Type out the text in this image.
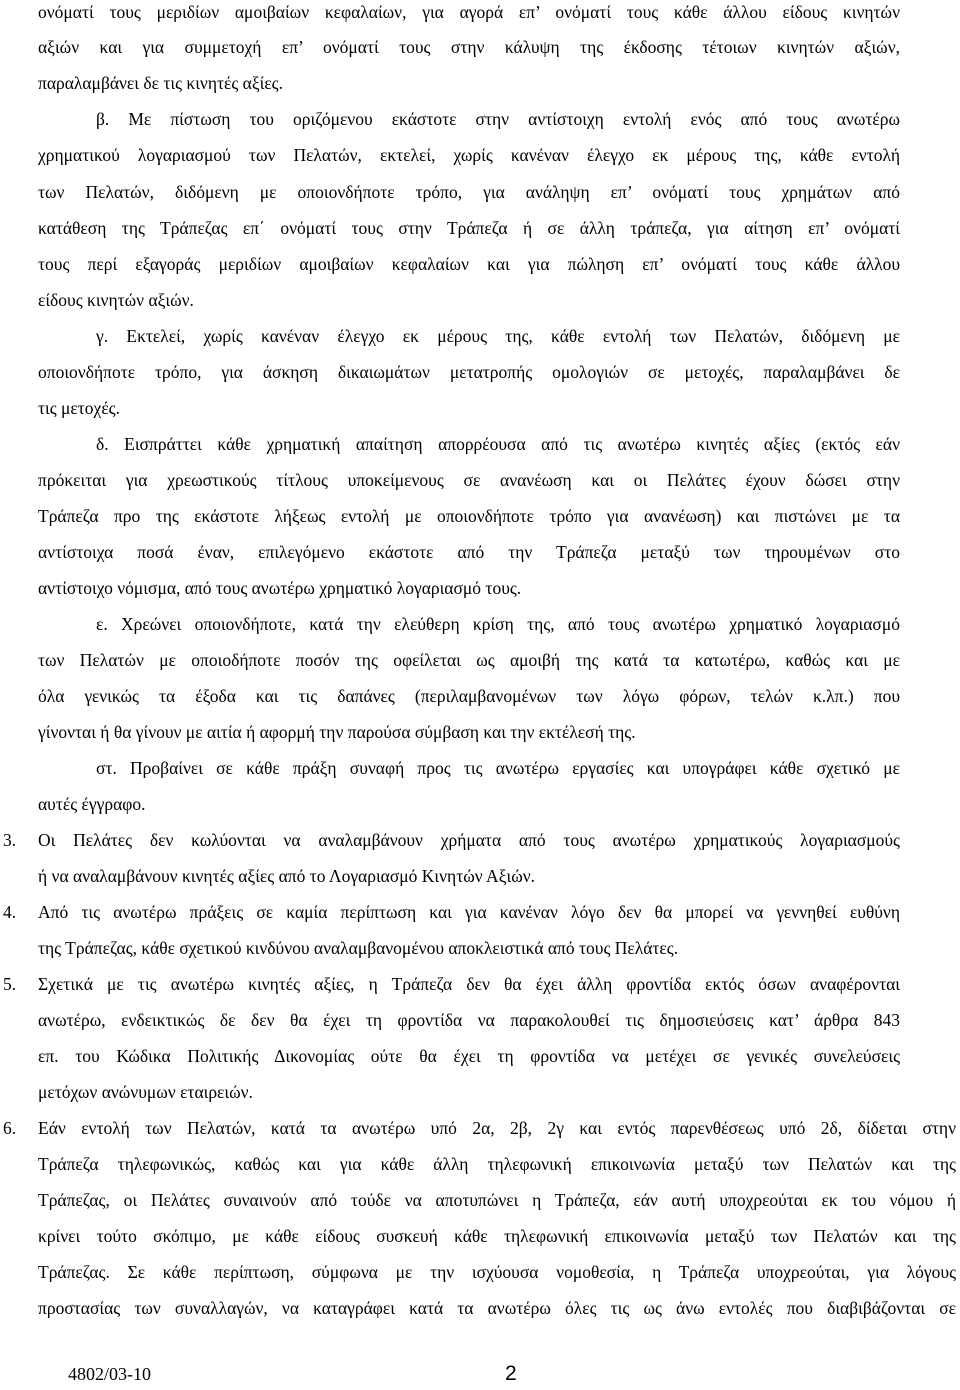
ονόματί τους μεριδίων αμοιβαίων κεφαλαίων, για αγορά επ’ ονόματί τους κάθε άλλου είδους κινητών
αξιών και για συμμετοχή επ’ ονόματί τους στην κάλυψη της έκδοσης τέτοιων κινητών αξιών,
παραλαμβάνει δε τις κινητές αξίες.
β. Με πίστωση του οριζόμενου εκάστοτε στην αντίστοιχη εντολή ενός από τους ανωτέρω
χρηματικού λογαριασμού των Πελατών, εκτελεί, χωρίς κανέναν έλεγχο εκ μέρους της, κάθε εντολή
των Πελατών, διδόμενη με οποιονδήποτε τρόπο, για ανάληψη επ’ ονόματί τους χρημάτων από
κατάθεση της Τράπεζας επ΄ ονόματί τους στην Τράπεζα ή σε άλλη τράπεζα, για αίτηση επ’ ονόματί
τους περί εξαγοράς μεριδίων αμοιβαίων κεφαλαίων και για πώληση επ’ ονόματί τους κάθε άλλου
είδους κινητών αξιών.
γ. Εκτελεί, χωρίς κανέναν έλεγχο εκ μέρους της, κάθε εντολή των Πελατών, διδόμενη με
οποιονδήποτε τρόπο, για άσκηση δικαιωμάτων μετατροπής ομολογιών σε μετοχές, παραλαμβάνει δε
τις μετοχές.
δ. Εισπράττει κάθε χρηματική απαίτηση απορρέουσα από τις ανωτέρω κινητές αξίες (εκτός εάν
πρόκειται για χρεωστικούς τίτλους υποκείμενους σε ανανέωση και οι Πελάτες έχουν δώσει στην
Τράπεζα προ της εκάστοτε λήξεως εντολή με οποιονδήποτε τρόπο για ανανέωση) και πιστώνει με τα
αντίστοιχα ποσά έναν, επιλεγόμενο εκάστοτε από την Τράπεζα μεταξύ των τηρουμένων στο
αντίστοιχο νόμισμα, από τους ανωτέρω χρηματικό λογαριασμό τους.
ε. Χρεώνει οποιονδήποτε, κατά την ελεύθερη κρίση της, από τους ανωτέρω χρηματικό λογαριασμό
των Πελατών με οποιοδήποτε ποσόν της οφείλεται ως αμοιβή της κατά τα κατωτέρω, καθώς και με
όλα γενικώς τα έξοδα και τις δαπάνες (περιλαμβανομένων των λόγω φόρων, τελών κ.λπ.) που
γίνονται ή θα γίνουν με αιτία ή αφορμή την παρούσα σύμβαση και την εκτέλεσή της.
στ. Προβαίνει σε κάθε πράξη συναφή προς τις ανωτέρω εργασίες και υπογράφει κάθε σχετικό με
αυτές έγγραφο.
3. Οι Πελάτες δεν κωλύονται να αναλαμβάνουν χρήματα από τους ανωτέρω χρηματικούς λογαριασμούς
ή να αναλαμβάνουν κινητές αξίες από το Λογαριασμό Κινητών Αξιών.
4. Από τις ανωτέρω πράξεις σε καμία περίπτωση και για κανέναν λόγο δεν θα μπορεί να γεννηθεί ευθύνη
της Τράπεζας, κάθε σχετικού κινδύνου αναλαμβανομένου αποκλειστικά από τους Πελάτες.
5. Σχετικά με τις ανωτέρω κινητές αξίες, η Τράπεζα δεν θα έχει άλλη φροντίδα εκτός όσων αναφέρονται
ανωτέρω, ενδεικτικώς δε δεν θα έχει τη φροντίδα να παρακολουθεί τις δημοσιεύσεις κατ’ άρθρα 843
επ. του Κώδικα Πολιτικής Δικονομίας ούτε θα έχει τη φροντίδα να μετέχει σε γενικές συνελεύσεις
μετόχων ανώνυμων εταιρειών.
6. Εάν εντολή των Πελατών, κατά τα ανωτέρω υπό 2α, 2β, 2γ και εντός παρενθέσεως υπό 2δ, δίδεται στην
Τράπεζα τηλεφωνικώς, καθώς και για κάθε άλλη τηλεφωνική επικοινωνία μεταξύ των Πελατών και της
Τράπεζας, οι Πελάτες συναινούν από τούδε να αποτυπώνει η Τράπεζα, εάν αυτή υποχρεούται εκ του νόμου ή
κρίνει τούτο σκόπιμο, με κάθε είδους συσκευή κάθε τηλεφωνική επικοινωνία μεταξύ των Πελατών και της
Τράπεζας. Σε κάθε περίπτωση, σύμφωνα με την ισχύουσα νομοθεσία, η Τράπεζα υποχρεούται, για λόγους
προστασίας των συναλλαγών, να καταγράφει κατά τα ανωτέρω όλες τις ως άνω εντολές που διαβιβάζονται σε
4802/03-10	2
